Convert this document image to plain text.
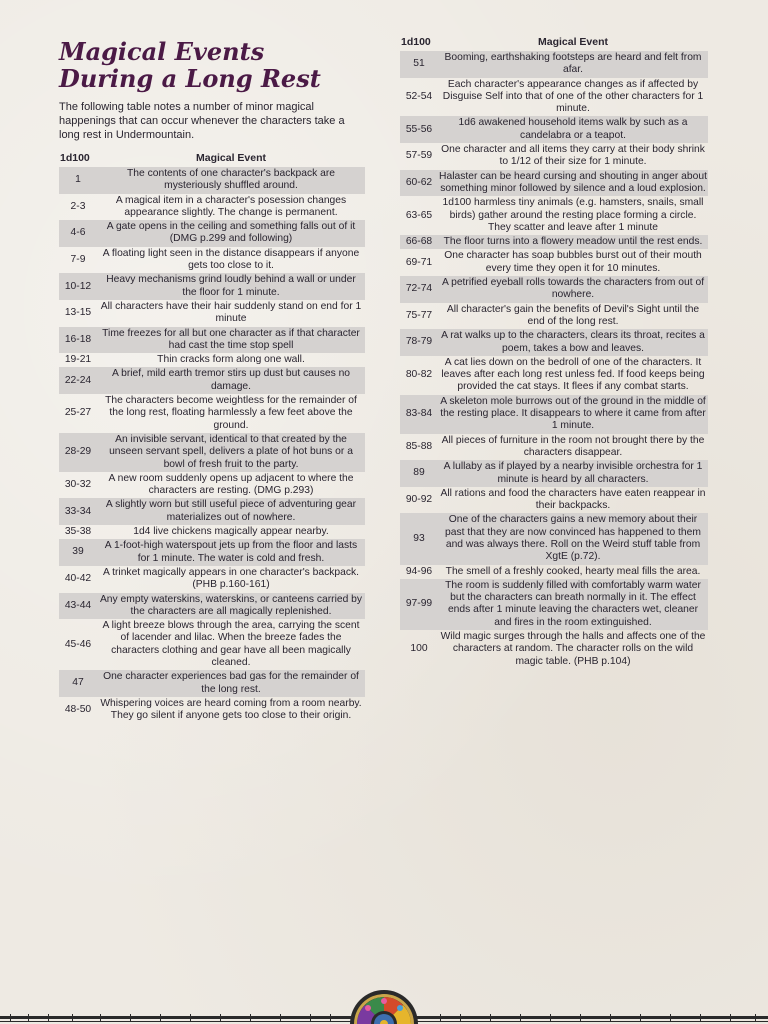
Magical Events During a Long Rest

The following table notes a number of minor magical happenings that can occur whenever the characters take a long rest in Undermountain.

1d100	Magical Event
1	The contents of one character's backpack are mysteriously shuffled around.
2-3	A magical item in a character's posession changes appearance slightly. The change is permanent.
4-6	A gate opens in the ceiling and something falls out of it (DMG p.299 and following)
7-9	A floating light seen in the distance disappears if anyone gets too close to it.
10-12	Heavy mechanisms grind loudly behind a wall or under the floor for 1 minute.
13-15	All characters have their hair suddenly stand on end for 1 minute
16-18	Time freezes for all but one character as if that character had cast the time stop spell
19-21	Thin cracks form along one wall.
22-24	A brief, mild earth tremor stirs up dust but causes no damage.
25-27	The characters become weightless for the remainder of the long rest, floating harmlessly a few feet above the ground.
28-29	An invisible servant, identical to that created by the unseen servant spell, delivers a plate of hot buns or a bowl of fresh fruit to the party.
30-32	A new room suddenly opens up adjacent to where the characters are resting. (DMG p.293)
33-34	A slightly worn but still useful piece of adventuring gear materializes out of nowhere.
35-38	1d4 live chickens magically appear nearby.
39	A 1-foot-high waterspout jets up from the floor and lasts for 1 minute. The water is cold and fresh.
40-42	A trinket magically appears in one character's backpack. (PHB p.160-161)
43-44	Any empty waterskins, waterskins, or canteens carried by the characters are all magically replenished.
45-46	A light breeze blows through the area, carrying the scent of lacender and lilac. When the breeze fades the characters clothing and gear have all been magically cleaned.
47	One character experiences bad gas for the remainder of the long rest.
48-50	Whispering voices are heard coming from a room nearby. They go silent if anyone gets too close to their origin.
1d100	Magical Event
51	Booming, earthshaking footsteps are heard and felt from afar.
52-54	Each character's appearance changes as if affected by Disguise Self into that of one of the other characters for 1 minute.
55-56	1d6 awakened household items walk by such as a candelabra or a teapot.
57-59	One character and all items they carry at their body shrink to 1/12 of their size for 1 minute.
60-62	Halaster can be heard cursing and shouting in anger about something minor followed by silence and a loud explosion.
63-65	1d100 harmless tiny animals (e.g. hamsters, snails, small birds) gather around the resting place forming a circle. They scatter and leave after 1 minute
66-68	The floor turns into a flowery meadow until the rest ends.
69-71	One character has soap bubbles burst out of their mouth every time they open it for 10 minutes.
72-74	A petrified eyeball rolls towards the characters from out of nowhere.
75-77	All character's gain the benefits of Devil's Sight until the end of the long rest.
78-79	A rat walks up to the characters, clears its throat, recites a poem, takes a bow and leaves.
80-82	A cat lies down on the bedroll of one of the characters. It leaves after each long rest unless fed. If food keeps being provided the cat stays. It flees if any combat starts.
83-84	A skeleton mole burrows out of the ground in the middle of the resting place. It disappears to where it came from after 1 minute.
85-88	All pieces of furniture in the room not brought there by the characters disappear.
89	A lullaby as if played by a nearby invisible orchestra for 1 minute is heard by all characters.
90-92	All rations and food the characters have eaten reappear in their backpacks.
93	One of the characters gains a new memory about their past that they are now convinced has happened to them and was always there. Roll on the Weird stuff table from XgtE (p.72).
94-96	The smell of a freshly cooked, hearty meal fills the area.
97-99	The room is suddenly filled with comfortably warm water but the characters can breath normally in it. The effect ends after 1 minute leaving the characters wet, cleaner and fires in the room extinguished.
100	Wild magic surges through the halls and affects one of the characters at random. The character rolls on the wild magic table. (PHB p.104)
